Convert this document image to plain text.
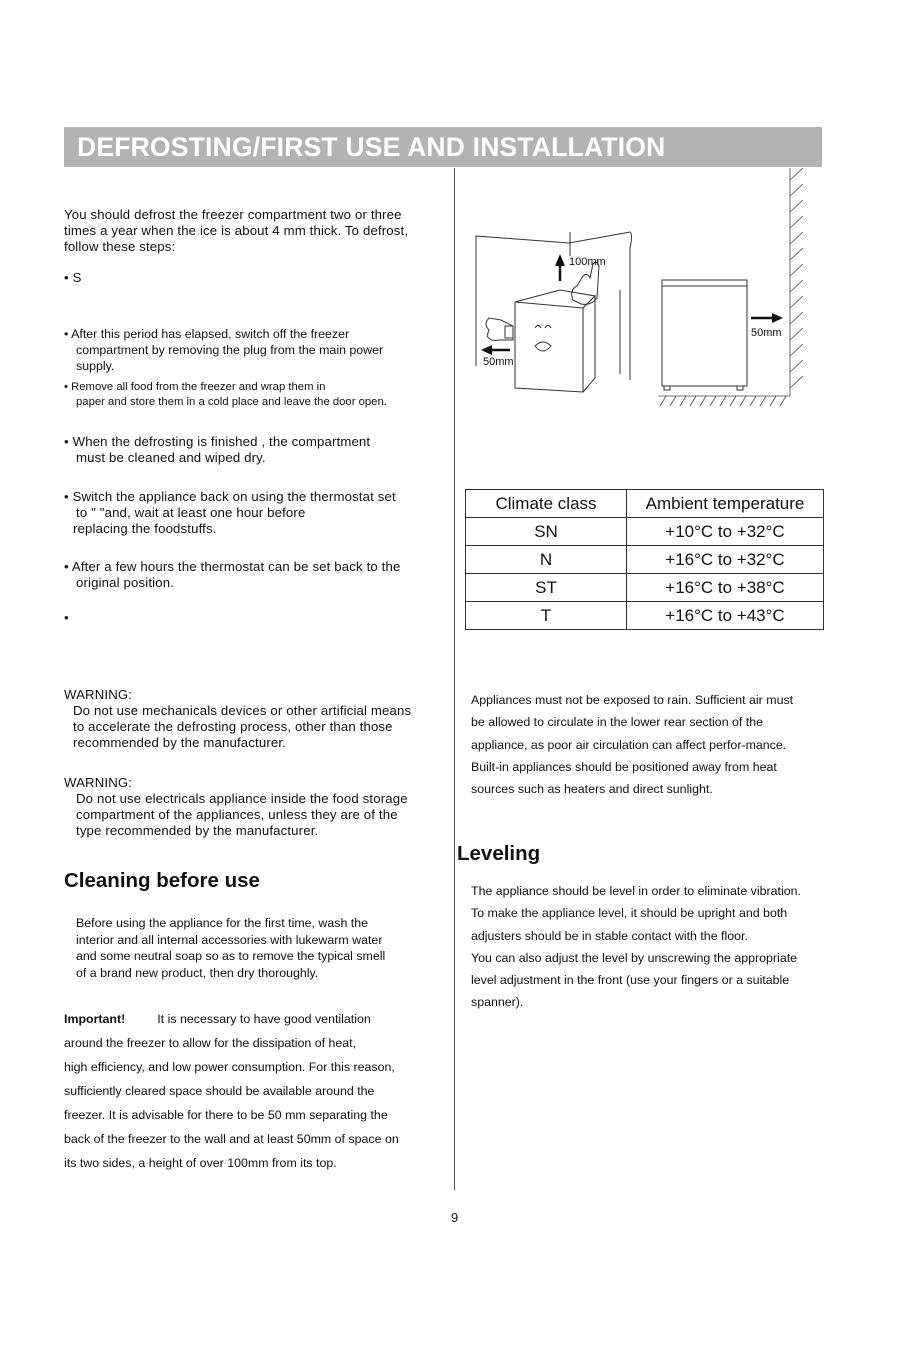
DEFROSTING/FIRST USE AND INSTALLATION
You should defrost the freezer compartment two or three
times a year when the ice is about 4 mm thick. To defrost,
follow these steps:
• S
• After this period has elapsed, switch off the freezer
compartment by removing the plug from the main power
supply.
• Remove all food from the freezer and wrap them in
paper and store them in a cold place and leave the door open.
• When the defrosting is finished , the compartment
must be cleaned and wiped dry.
• Switch the appliance back on using the thermostat set
to " "and, wait at least one hour before
replacing the foodstuffs.
• After a few hours the thermostat can be set back to the
original position.
•
WARNING:
Do not use mechanicals devices or other artificial means
to accelerate the defrosting process, other than those
recommended by the manufacturer.
WARNING:
Do not use electricals appliance inside the food storage
compartment of the appliances, unless they are of the
type recommended by the manufacturer.
Cleaning before use
Before using the appliance for the first time, wash the
interior and all internal accessories with lukewarm water
and some neutral soap so as to remove the typical smell
of a brand new product, then dry thoroughly.
Important!	It is necessary to have good ventilation
around the freezer to allow for the dissipation of heat,
high efficiency, and low power consumption. For this reason,
sufficiently cleared space should be available around the
freezer. It is advisable for there to be 50 mm separating the
back of the freezer to the wall and at least 50mm of space on
its two sides, a height of over 100mm from its top.
50mm
100mm
50mm
Climate class	Ambient temperature
SN	+10°C to +32°C
N	+16°C to +32°C
ST	+16°C to +38°C
T	+16°C to +43°C
Appliances must not be exposed to rain. Sufficient air must
be allowed to circulate in the lower rear section of the
appliance, as poor air circulation can affect perfor-mance.
Built-in appliances should be positioned away from heat
sources such as heaters and direct sunlight.
Leveling
The appliance should be level in order to eliminate vibration.
To make the appliance level, it should be upright and both
adjusters should be in stable contact with the floor.
You can also adjust the level by unscrewing the appropriate
level adjustment in the front (use your fingers or a suitable
spanner).
9
